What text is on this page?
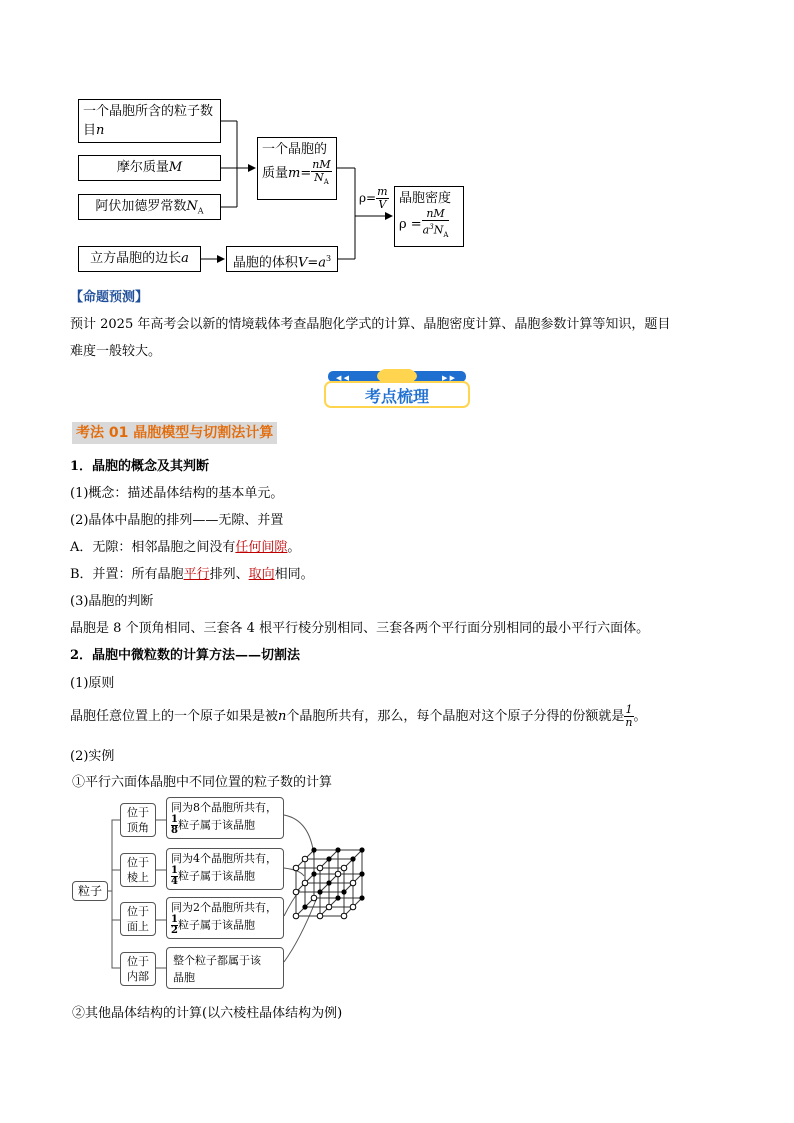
一个晶胞所含的粒子数目n
摩尔质量M
阿伏加德罗常数$N_A$
立方晶胞的边长a	晶胞的体积$V=a^3$
一个晶胞的
质量$m= \frac{nM}{N_A}$
晶胞密度
$\rho = \frac{nM}{a^3N_A}$
$\rho= \frac{m}{V}$
【命题预测】
预计 2025 年高考会以新的情境载体考查晶胞化学式的计算、晶胞密度计算、晶胞参数计算等知识，题目
难度一般较大。
◀ ◀	▶ ▶
考点梳理
考法 01 晶胞模型与切割法计算
1．晶胞的概念及其判断
(1)概念：描述晶体结构的基本单元。
(2)晶体中晶胞的排列——无隙、并置
A．无隙：相邻晶胞之间没有任何间隙。
B．并置：所有晶胞平行排列、取向相同。
(3)晶胞的判断
晶胞是 8 个顶角相同、三套各 4 根平行棱分别相同、三套各两个平行面分别相同的最小平行六面体。
2．晶胞中微粒数的计算方法——切割法
(1)原则
晶胞任意位置上的一个原子如果是被n个晶胞所共有，那么，每个晶胞对这个原子分得的份额就是 $\frac{1}{n}$ 。
(2)实例
①平行六面体晶胞中不同位置的粒子数的计算
粒子
位于
顶角
同为8个晶胞所共有，
$\frac{1}{8}$ 粒子属于该晶胞
位于
棱上
同为4个晶胞所共有，
$\frac{1}{4}$ 粒子属于该晶胞
位于
面上
同为2个晶胞所共有，
$\frac{1}{2}$ 粒子属于该晶胞
位于
内部
整个粒子都属于该
晶胞
②其他晶体结构的计算(以六棱柱晶体结构为例)
